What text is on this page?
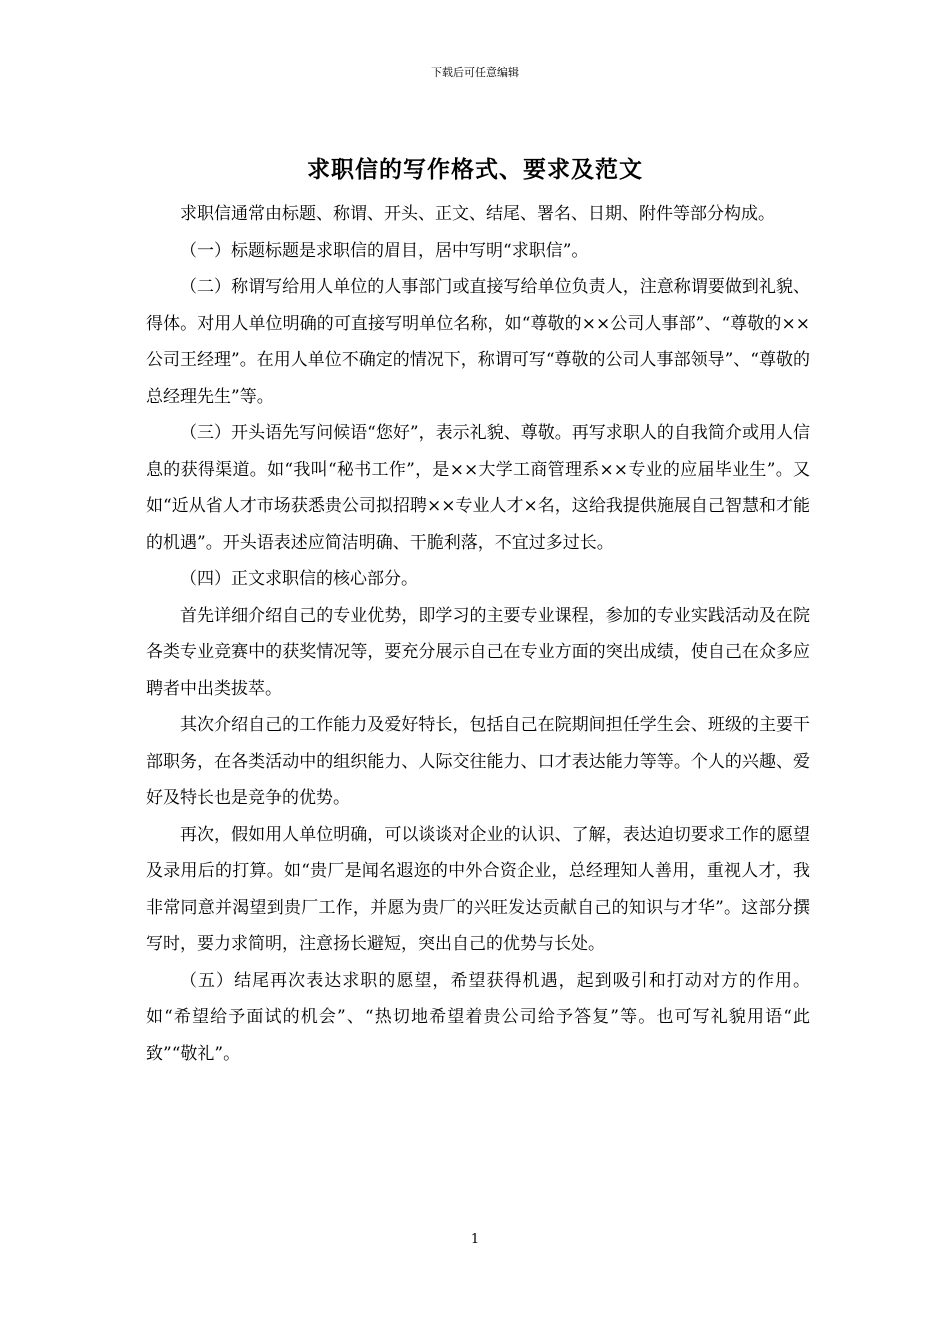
下载后可任意编辑
求职信的写作格式、要求及范文

求职信通常由标题、称谓、开头、正文、结尾、署名、日期、附件等部分构成。

（一）标题标题是求职信的眉目，居中写明“求职信”。

（二）称谓写给用人单位的人事部门或直接写给单位负责人，注意称谓要做到礼貌、得体。对用人单位明确的可直接写明单位名称，如“尊敬的××公司人事部”、“尊敬的××公司王经理”。在用人单位不确定的情况下，称谓可写“尊敬的公司人事部领导”、“尊敬的总经理先生”等。

（三）开头语先写问候语“您好”，表示礼貌、尊敬。再写求职人的自我简介或用人信息的获得渠道。如“我叫“秘书工作”，是××大学工商管理系××专业的应届毕业生”。又如“近从省人才市场获悉贵公司拟招聘××专业人才×名，这给我提供施展自己智慧和才能的机遇”。开头语表述应简洁明确、干脆利落，不宜过多过长。

（四）正文求职信的核心部分。

首先详细介绍自己的专业优势，即学习的主要专业课程，参加的专业实践活动及在院各类专业竞赛中的获奖情况等，要充分展示自己在专业方面的突出成绩，使自己在众多应聘者中出类拔萃。

其次介绍自己的工作能力及爱好特长，包括自己在院期间担任学生会、班级的主要干部职务，在各类活动中的组织能力、人际交往能力、口才表达能力等等。个人的兴趣、爱好及特长也是竞争的优势。

再次，假如用人单位明确，可以谈谈对企业的认识、了解，表达迫切要求工作的愿望及录用后的打算。如“贵厂是闻名遐迩的中外合资企业，总经理知人善用，重视人才，我非常同意并渴望到贵厂工作，并愿为贵厂的兴旺发达贡献自己的知识与才华”。这部分撰写时，要力求简明，注意扬长避短，突出自己的优势与长处。

（五）结尾再次表达求职的愿望，希望获得机遇，起到吸引和打动对方的作用。如“希望给予面试的机会”、“热切地希望着贵公司给予答复”等。也可写礼貌用语“此致”“敬礼”。

1
